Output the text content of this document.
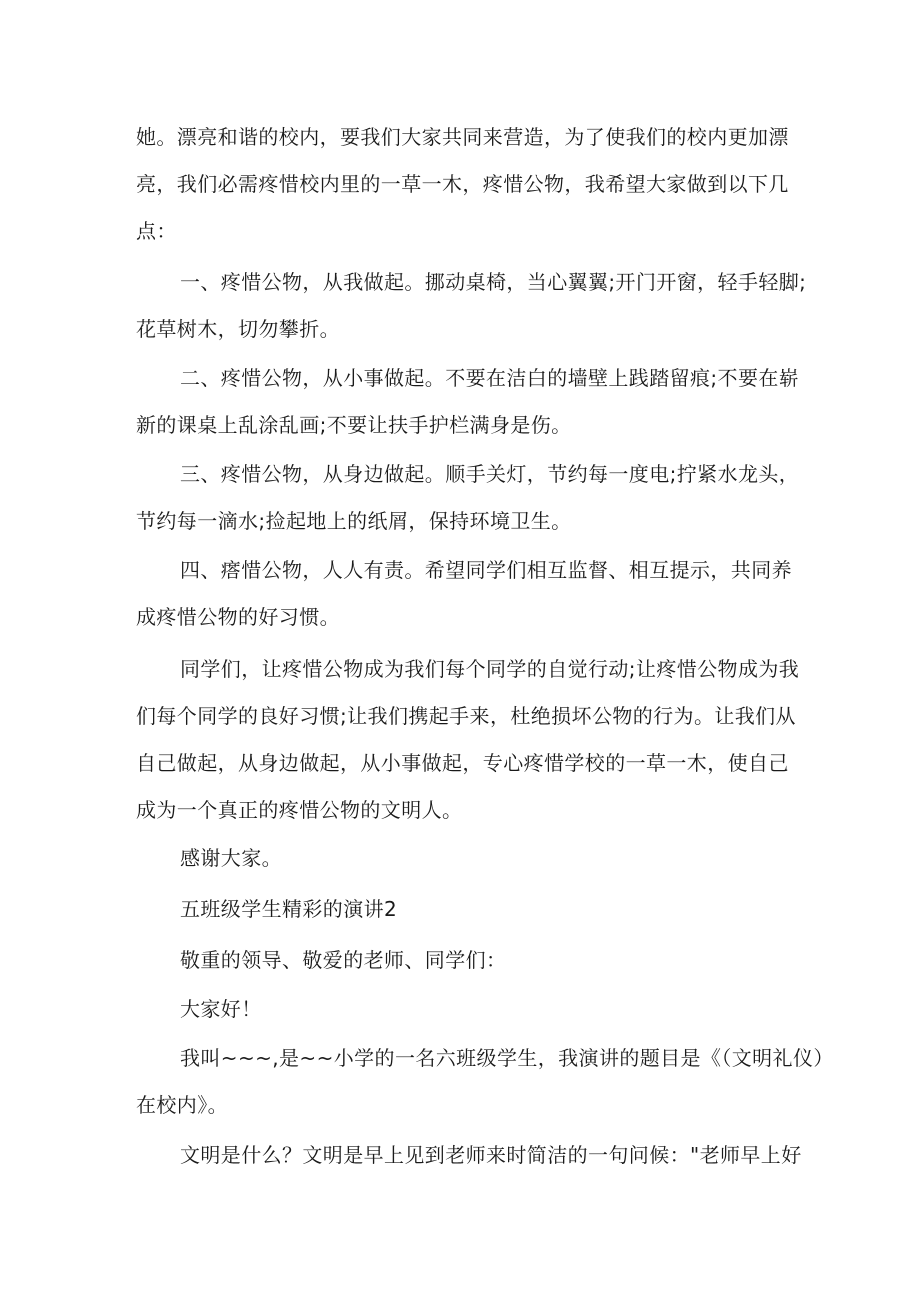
她。漂亮和谐的校内，要我们大家共同来营造，为了使我们的校内更加漂
亮，我们必需疼惜校内里的一草一木，疼惜公物，我希望大家做到以下几
点：

一、疼惜公物，从我做起。挪动桌椅，当心翼翼;开门开窗，轻手轻脚;
花草树木，切勿攀折。

二、疼惜公物，从小事做起。不要在洁白的墙壁上践踏留痕;不要在崭
新的课桌上乱涂乱画;不要让扶手护栏满身是伤。

三、疼惜公物，从身边做起。顺手关灯，节约每一度电;拧紧水龙头，
节约每一滴水;捡起地上的纸屑，保持环境卫生。

四、瘩惜公物，人人有责。希望同学们相互监督、相互提示，共同养
成疼惜公物的好习惯。

同学们，让疼惜公物成为我们每个同学的自觉行动;让疼惜公物成为我
们每个同学的良好习惯;让我们携起手来，杜绝损坏公物的行为。让我们从
自己做起，从身边做起，从小事做起，专心疼惜学校的一草一木，使自己
成为一个真正的疼惜公物的文明人。

感谢大家。

五班级学生精彩的演讲2

敬重的领导、敬爱的老师、同学们：

大家好！

我叫~~~,是~~小学的一名六班级学生，我演讲的题目是《（文明礼仪）
在校内》。

文明是什么？文明是早上见到老师来时简洁的一句问候："老师早上好
